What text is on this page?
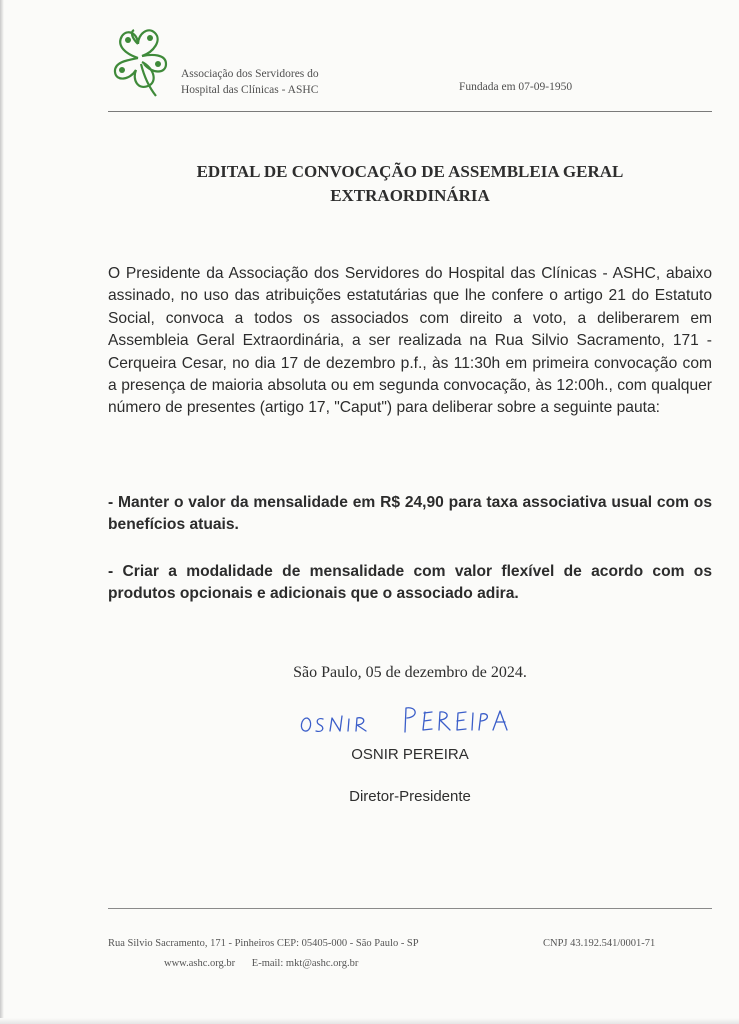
Associação dos Servidores do
Hospital das Clínicas - ASHC	Fundada em 07-09-1950
EDITAL DE CONVOCAÇÃO DE ASSEMBLEIA GERAL
EXTRAORDINÁRIA
O Presidente da Associação dos Servidores do Hospital das Clínicas - ASHC, abaixo assinado, no uso das atribuições estatutárias que lhe confere o artigo 21 do Estatuto Social, convoca a todos os associados com direito a voto, a deliberarem em Assembleia Geral Extraordinária, a ser realizada na Rua Silvio Sacramento, 171 - Cerqueira Cesar, no dia 17 de dezembro p.f., às 11:30h em primeira convocação com a presença de maioria absoluta ou em segunda convocação, às 12:00h., com qualquer número de presentes (artigo 17, "Caput") para deliberar sobre a seguinte pauta:
- Manter o valor da mensalidade em R$ 24,90 para taxa associativa usual com os benefícios atuais.
- Criar a modalidade de mensalidade com valor flexível de acordo com os produtos opcionais e adicionais que o associado adira.
São Paulo, 05 de dezembro de 2024.
OSNIR PEREIRA
Diretor-Presidente
Rua Silvio Sacramento, 171 - Pinheiros CEP: 05405-000 - São Paulo - SP	CNPJ 43.192.541/0001-71
www.ashc.org.br E-mail: mkt@ashc.org.br
